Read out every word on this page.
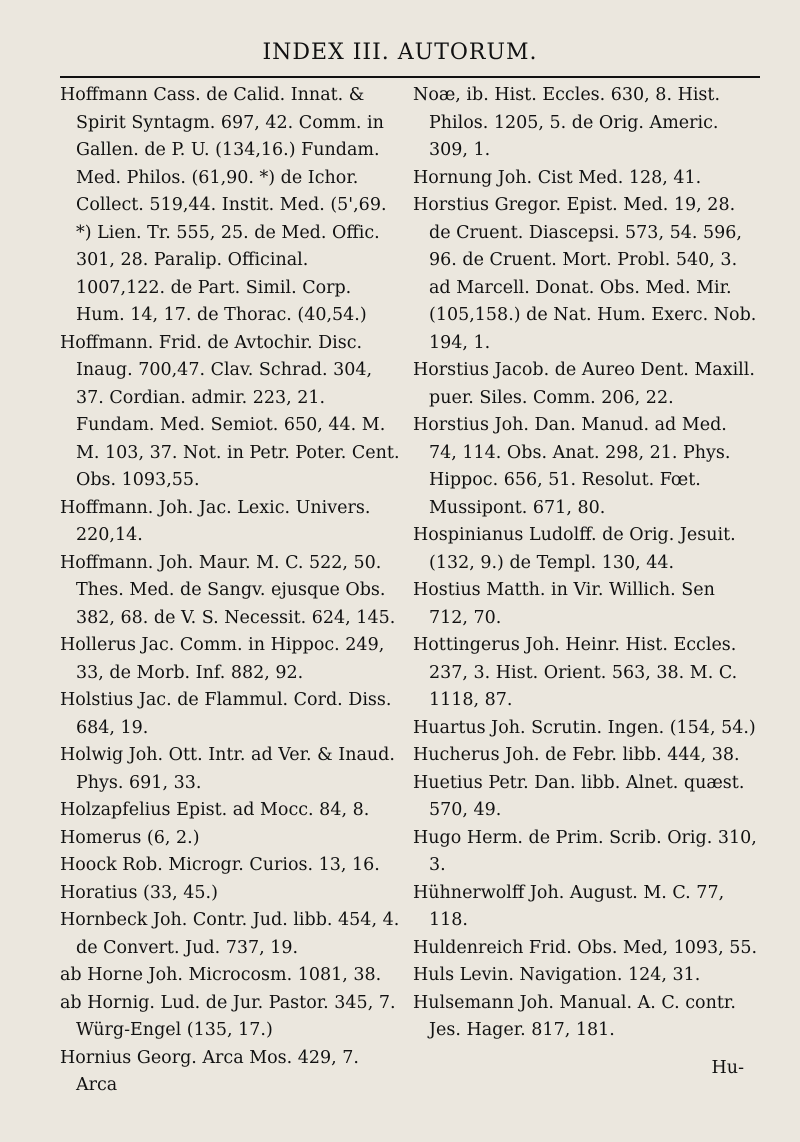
INDEX III. AUTORUM.

Hoffmann Cass. de Calid. Innat. & Spirit Syntagm. 697, 42. Comm. in Gallen. de P. U. (134,16.) Fundam. Med. Philos. (61,90. *) de Ichor. Collect. 519,44. Instit. Med. (5',69. *) Lien. Tr. 555, 25. de Med. Offic. 301, 28. Paralip. Officinal. 1007,122. de Part. Simil. Corp. Hum. 14, 17. de Thorac. (40,54.)

Hoffmann. Frid. de Avtochir. Disc. Inaug. 700,47. Clav. Schrad. 304, 37. Cordian. admir. 223, 21. Fundam. Med. Semiot. 650, 44. M. M. 103, 37. Not. in Petr. Poter. Cent. Obs. 1093,55.

Hoffmann. Joh. Jac. Lexic. Univers. 220,14.

Hoffmann. Joh. Maur. M. C. 522, 50. Thes. Med. de Sangv. ejusque Obs. 382, 68. de V. S. Necessit. 624, 145.

Hollerus Jac. Comm. in Hippoc. 249, 33, de Morb. Inf. 882, 92.

Holstius Jac. de Flammul. Cord. Diss. 684, 19.

Holwig Joh. Ott. Intr. ad Ver. & Inaud. Phys. 691, 33.

Holzapfelius Epist. ad Mocc. 84, 8.

Homerus (6, 2.)

Hoock Rob. Microgr. Curios. 13, 16.

Horatius (33, 45.)

Hornbeck Joh. Contr. Jud. libb. 454, 4. de Convert. Jud. 737, 19.

ab Horne Joh. Microcosm. 1081, 38.

ab Hornig. Lud. de Jur. Pastor. 345, 7. Würg-Engel (135, 17.)

Hornius Georg. Arca Mos. 429, 7. Arca

Noæ, ib. Hist. Eccles. 630, 8. Hist. Philos. 1205, 5. de Orig. Americ. 309, 1.

Hornung Joh. Cist Med. 128, 41.

Horstius Gregor. Epist. Med. 19, 28. de Cruent. Diascepsi. 573, 54. 596, 96. de Cruent. Mort. Probl. 540, 3. ad Marcell. Donat. Obs. Med. Mir. (105,158.) de Nat. Hum. Exerc. Nob. 194, 1.

Horstius Jacob. de Aureo Dent. Maxill. puer. Siles. Comm. 206, 22.

Horstius Joh. Dan. Manud. ad Med. 74, 114. Obs. Anat. 298, 21. Phys. Hippoc. 656, 51. Resolut. Fœt. Mussipont. 671, 80.

Hospinianus Ludolff. de Orig. Jesuit. (132, 9.) de Templ. 130, 44.

Hostius Matth. in Vir. Willich. Sen 712, 70.

Hottingerus Joh. Heinr. Hist. Eccles. 237, 3. Hist. Orient. 563, 38. M. C. 1118, 87.

Huartus Joh. Scrutin. Ingen. (154, 54.)

Hucherus Joh. de Febr. libb. 444, 38.

Huetius Petr. Dan. libb. Alnet. quæst. 570, 49.

Hugo Herm. de Prim. Scrib. Orig. 310, 3.

Hühnerwolff Joh. August. M. C. 77, 118.

Huldenreich Frid. Obs. Med, 1093, 55.

Huls Levin. Navigation. 124, 31.

Hulsemann Joh. Manual. A. C. contr. Jes. Hager. 817, 181.

Hu-
